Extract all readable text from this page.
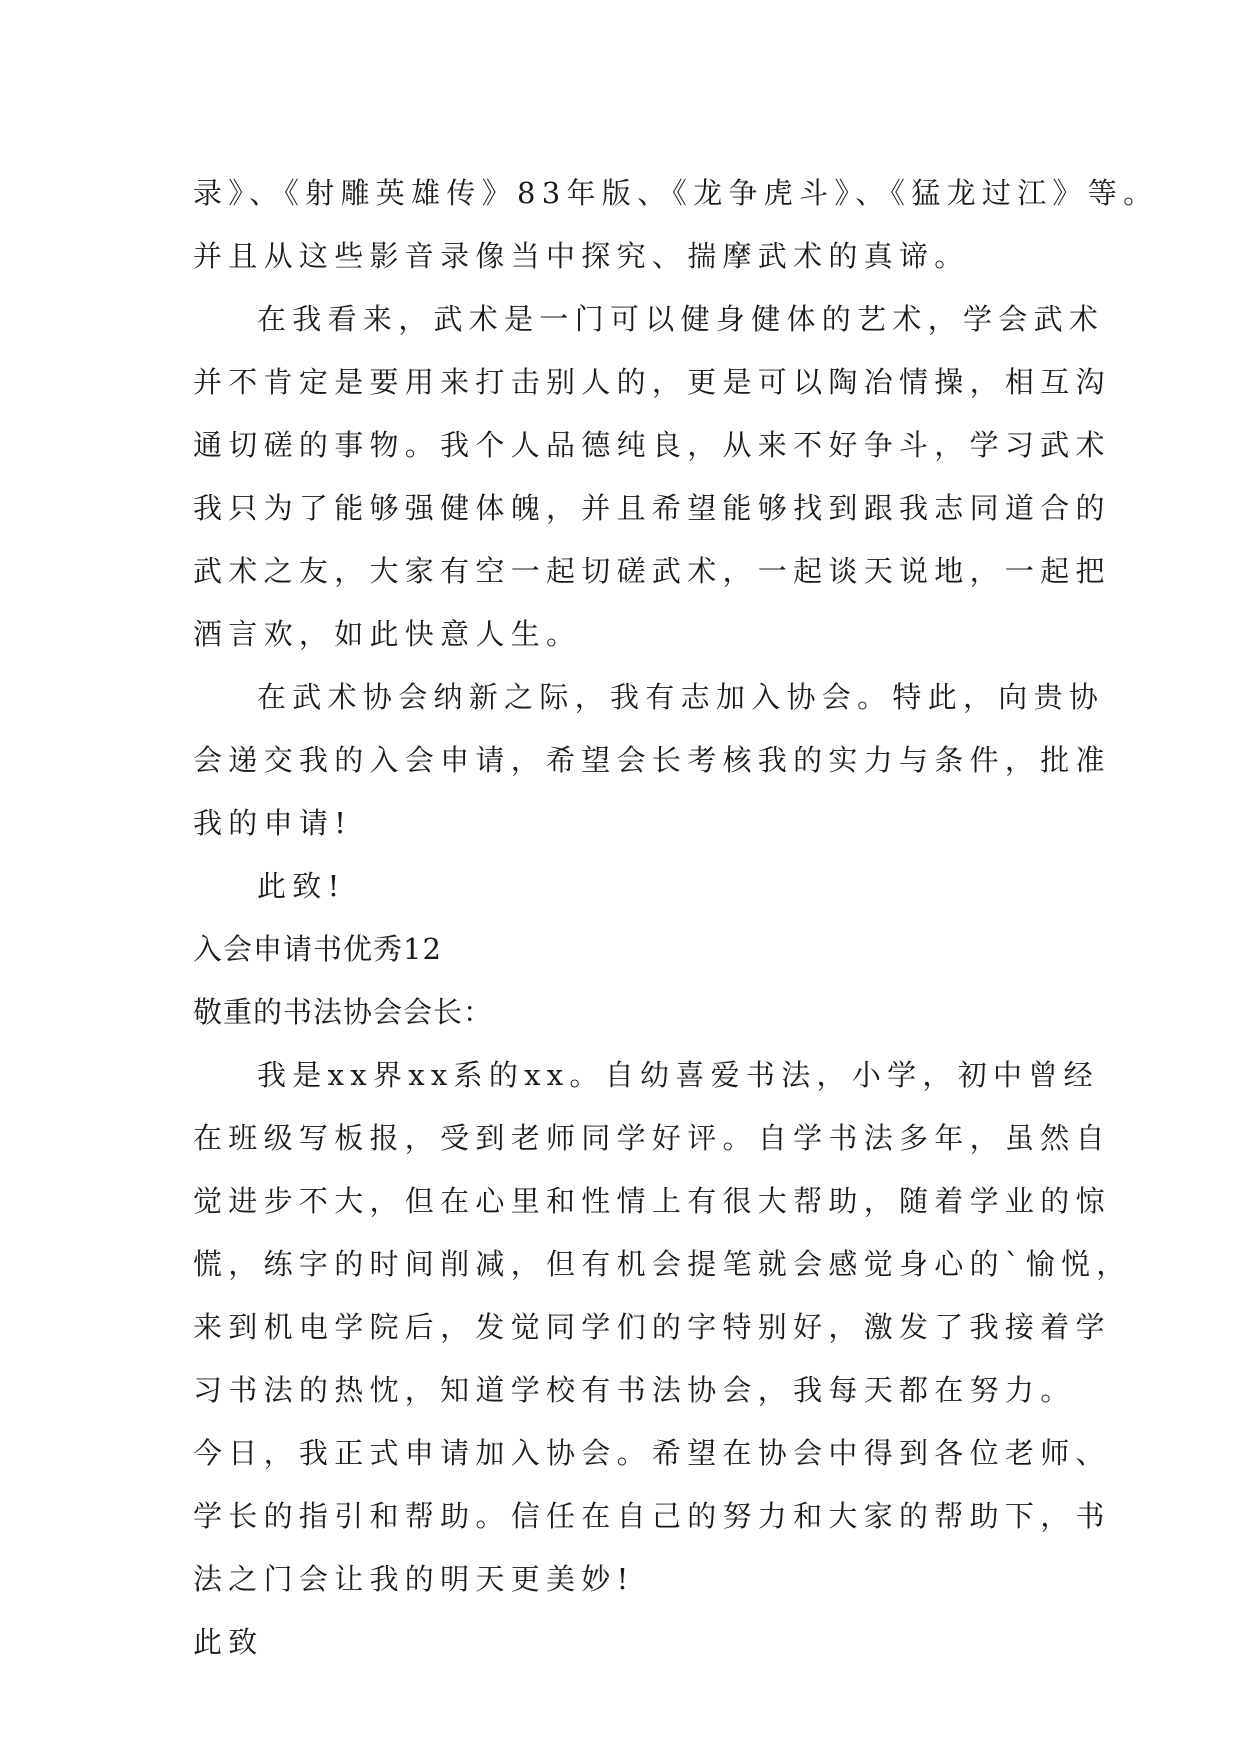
录》、《射雕英雄传》83年版、《龙争虎斗》、《猛龙过江》等。
并且从这些影音录像当中探究、揣摩武术的真谛。
在我看来，武术是一门可以健身健体的艺术，学会武术
并不肯定是要用来打击别人的，更是可以陶冶情操，相互沟
通切磋的事物。我个人品德纯良，从来不好争斗，学习武术
我只为了能够强健体魄，并且希望能够找到跟我志同道合的
武术之友，大家有空一起切磋武术，一起谈天说地，一起把
酒言欢，如此快意人生。
在武术协会纳新之际，我有志加入协会。特此，向贵协
会递交我的入会申请，希望会长考核我的实力与条件，批准
我的申请!
此致!
入会申请书优秀12
敬重的书法协会会长：
我是xx界xx系的xx。自幼喜爱书法，小学，初中曾经
在班级写板报，受到老师同学好评。自学书法多年，虽然自
觉进步不大，但在心里和性情上有很大帮助，随着学业的惊
慌，练字的时间削减，但有机会提笔就会感觉身心的`愉悦，
来到机电学院后，发觉同学们的字特别好，激发了我接着学
习书法的热忱，知道学校有书法协会，我每天都在努力。
今日，我正式申请加入协会。希望在协会中得到各位老师、
学长的指引和帮助。信任在自己的努力和大家的帮助下，书
法之门会让我的明天更美妙!
此致
